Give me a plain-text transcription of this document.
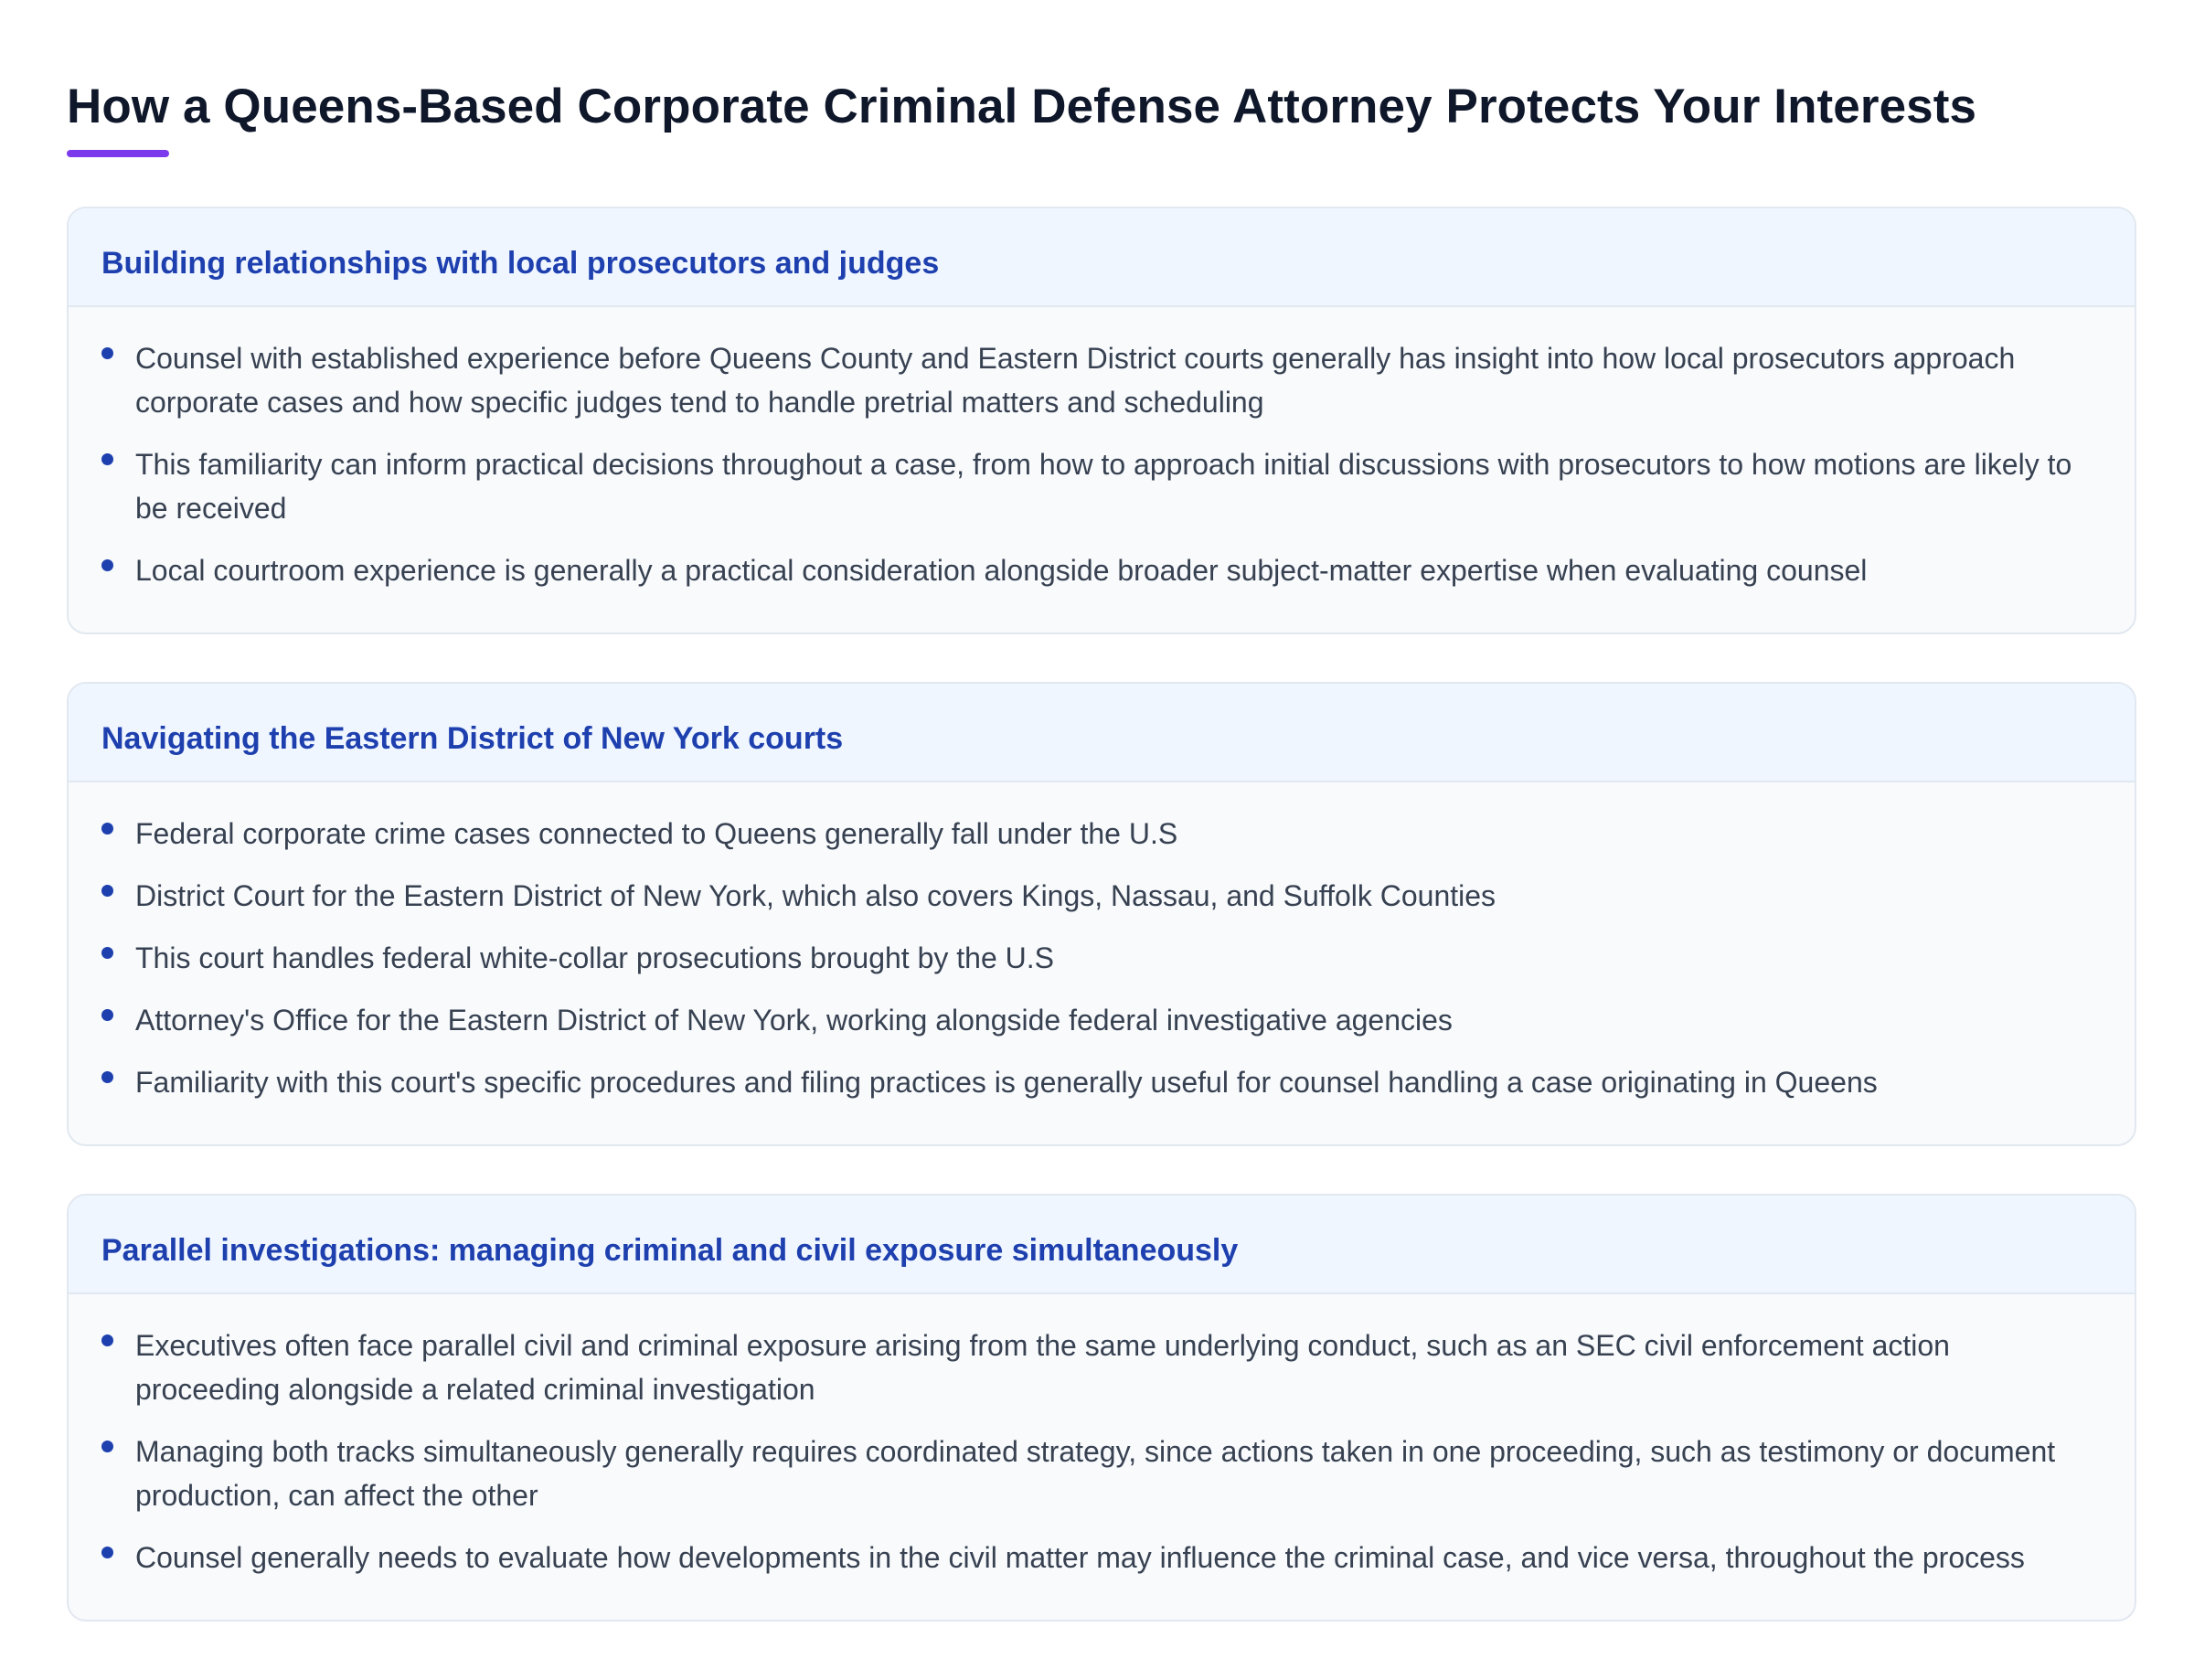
How a Queens-Based Corporate Criminal Defense Attorney Protects Your Interests
Building relationships with local prosecutors and judges
Counsel with established experience before Queens County and Eastern District courts generally has insight into how local prosecutors approach corporate cases and how specific judges tend to handle pretrial matters and scheduling
This familiarity can inform practical decisions throughout a case, from how to approach initial discussions with prosecutors to how motions are likely to be received
Local courtroom experience is generally a practical consideration alongside broader subject-matter expertise when evaluating counsel
Navigating the Eastern District of New York courts
Federal corporate crime cases connected to Queens generally fall under the U.S
District Court for the Eastern District of New York, which also covers Kings, Nassau, and Suffolk Counties
This court handles federal white-collar prosecutions brought by the U.S
Attorney's Office for the Eastern District of New York, working alongside federal investigative agencies
Familiarity with this court's specific procedures and filing practices is generally useful for counsel handling a case originating in Queens
Parallel investigations: managing criminal and civil exposure simultaneously
Executives often face parallel civil and criminal exposure arising from the same underlying conduct, such as an SEC civil enforcement action proceeding alongside a related criminal investigation
Managing both tracks simultaneously generally requires coordinated strategy, since actions taken in one proceeding, such as testimony or document production, can affect the other
Counsel generally needs to evaluate how developments in the civil matter may influence the criminal case, and vice versa, throughout the process
